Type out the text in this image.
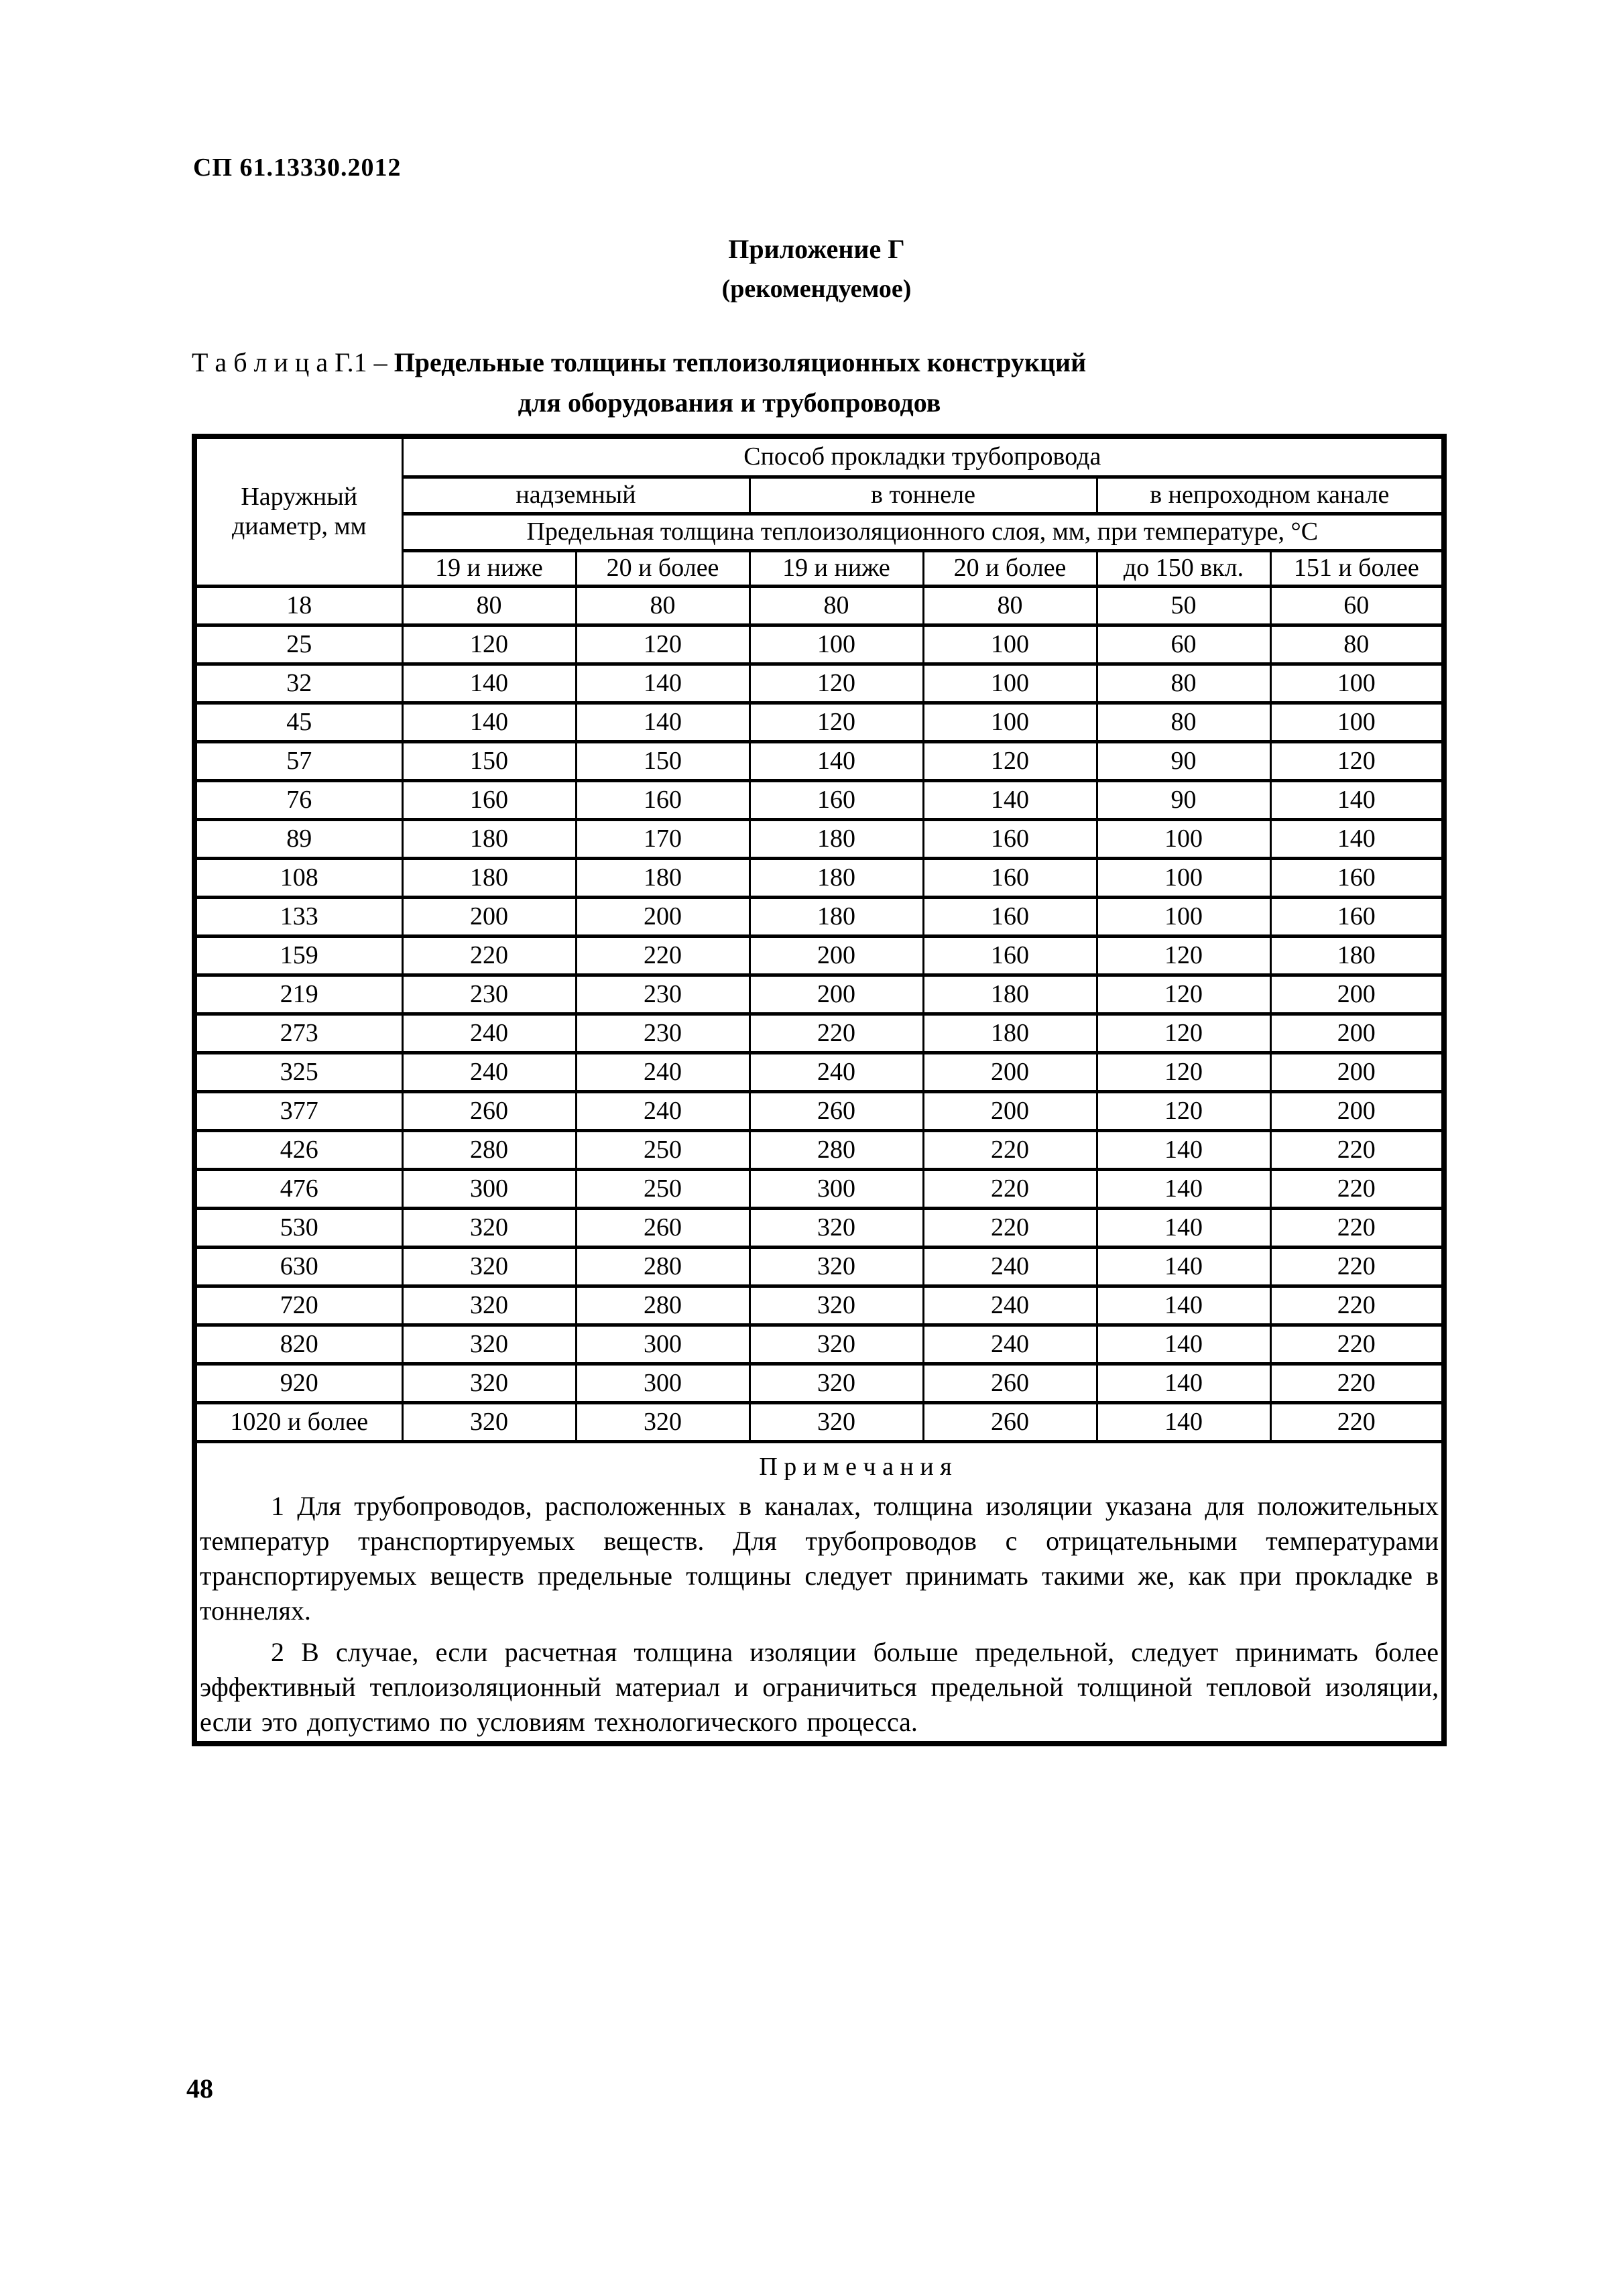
СП 61.13330.2012
Приложение Г
(рекомендуемое)
Т а б л и ц а Г.1 – Предельные толщины теплоизоляционных конструкций
для оборудования и трубопроводов
Наружный диаметр, мм	Способ прокладки трубопровода					
	надземный		в тоннеле		в непроходном канале	
	Предельная толщина теплоизоляционного слоя, мм, при температуре, °С					
	19 и ниже	20 и более	19 и ниже	20 и более	до 150 вкл.	151 и более
18	80	80	80	80	50	60
25	120	120	100	100	60	80
32	140	140	120	100	80	100
45	140	140	120	100	80	100
57	150	150	140	120	90	120
76	160	160	160	140	90	140
89	180	170	180	160	100	140
108	180	180	180	160	100	160
133	200	200	180	160	100	160
159	220	220	200	160	120	180
219	230	230	200	180	120	200
273	240	230	220	180	120	200
325	240	240	240	200	120	200
377	260	240	260	200	120	200
426	280	250	280	220	140	220
476	300	250	300	220	140	220
530	320	260	320	220	140	220
630	320	280	320	240	140	220
720	320	280	320	240	140	220
820	320	300	320	240	140	220
920	320	300	320	260	140	220
1020 и более	320	320	320	260	140	220

П р и м е ч а н и я

1 Для трубопроводов, расположенных в каналах, толщина изоляции указана для положительных температур транспортируемых веществ. Для трубопроводов с отрицательными температурами транспортируемых веществ предельные толщины следует принимать такими же, как при прокладке в тоннелях.

2 В случае, если расчетная толщина изоляции больше предельной, следует принимать более эффективный теплоизоляционный материал и ограничиться предельной толщиной тепловой изоляции, если это допустимо по условиям технологического процесса.						

48
